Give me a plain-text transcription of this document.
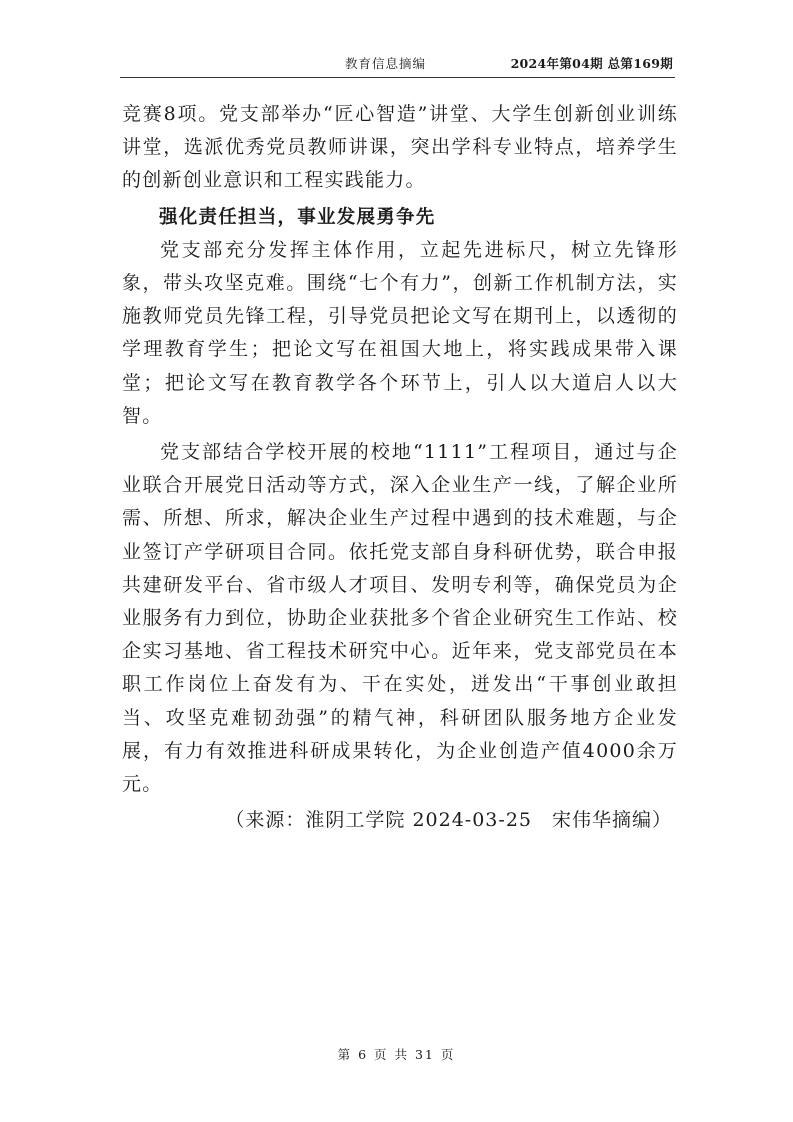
教育信息摘编	2024年第04期 总第169期

竞赛8项。党支部举办“匠心智造”讲堂、大学生创新创业训练讲堂，选派优秀党员教师讲课，突出学科专业特点，培养学生的创新创业意识和工程实践能力。

强化责任担当，事业发展勇争先

党支部充分发挥主体作用，立起先进标尺，树立先锋形象，带头攻坚克难。围绕“七个有力”，创新工作机制方法，实施教师党员先锋工程，引导党员把论文写在期刊上，以透彻的学理教育学生；把论文写在祖国大地上，将实践成果带入课堂；把论文写在教育教学各个环节上，引人以大道启人以大智。

党支部结合学校开展的校地“1111”工程项目，通过与企业联合开展党日活动等方式，深入企业生产一线，了解企业所需、所想、所求，解决企业生产过程中遇到的技术难题，与企业签订产学研项目合同。依托党支部自身科研优势，联合申报共建研发平台、省市级人才项目、发明专利等，确保党员为企业服务有力到位，协助企业获批多个省企业研究生工作站、校企实习基地、省工程技术研究中心。近年来，党支部党员在本职工作岗位上奋发有为、干在实处，迸发出“干事创业敢担当、攻坚克难韧劲强”的精气神，科研团队服务地方企业发展，有力有效推进科研成果转化，为企业创造产值4000余万元。

（来源：淮阴工学院 2024-03-25　宋伟华摘编）

第 6 页 共 31 页
